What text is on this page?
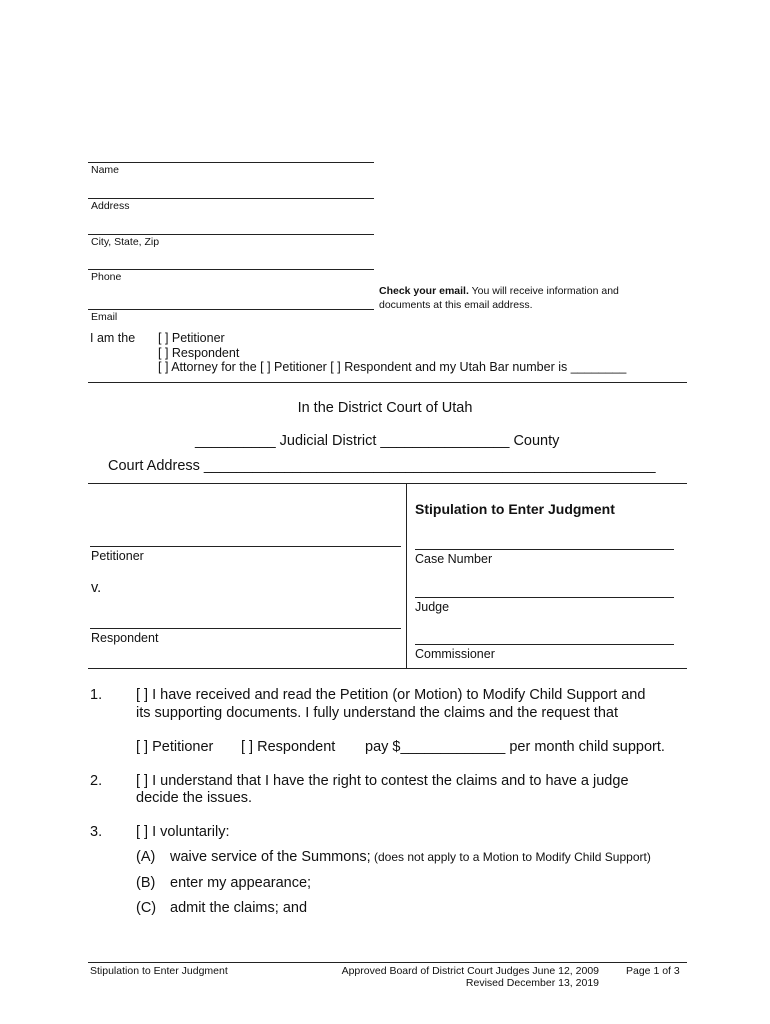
Name
Address
City, State, Zip
Phone
Email
Check your email. You will receive information and
documents at this email address.
I am the [ ] Petitioner
[ ] Respondent
[ ] Attorney for the [ ] Petitioner [ ] Respondent and my Utah Bar number is ________
In the District Court of Utah
__________ Judicial District ________________ County
Court Address ________________________________________________________
Petitioner
v.
Respondent
Stipulation to Enter Judgment
Case Number
Judge
Commissioner
1. [ ] I have received and read the Petition (or Motion) to Modify Child Support and
its supporting documents. I fully understand the claims and the request that
[ ] Petitioner [ ] Respondent pay $_____________ per month child support.
2. [ ] I understand that I have the right to contest the claims and to have a judge
decide the issues.
3. [ ] I voluntarily:
(A) waive service of the Summons; (does not apply to a Motion to Modify Child Support)
(B) enter my appearance;
(C) admit the claims; and
Stipulation to Enter Judgment	Approved Board of District Court Judges June 12, 2009
Revised December 13, 2019
Page 1 of 3
